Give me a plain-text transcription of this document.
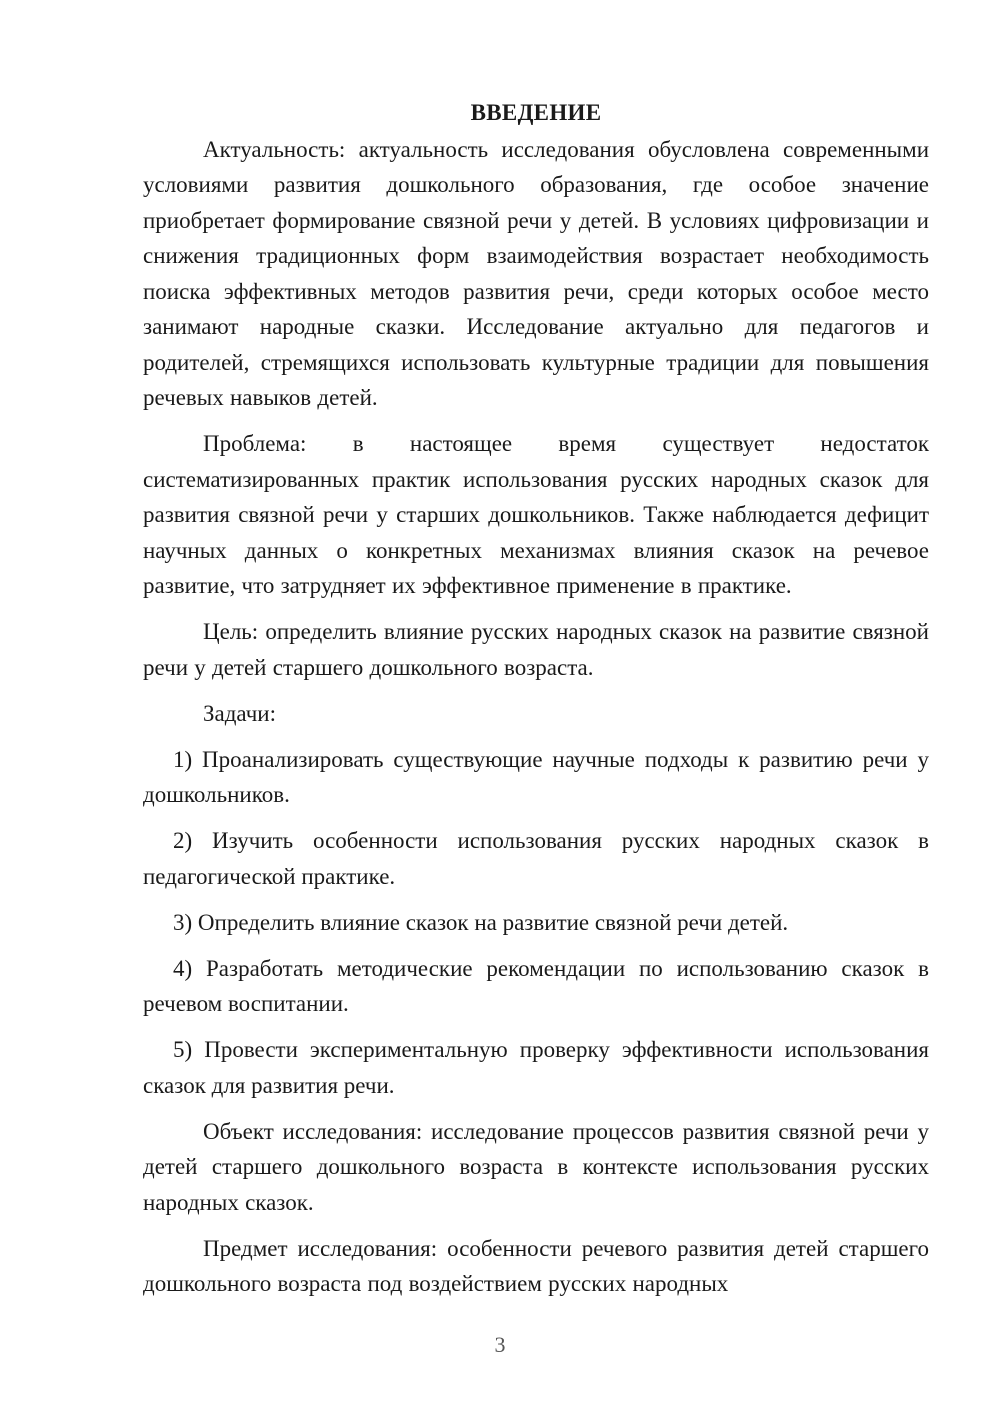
ВВЕДЕНИЕ

Актуальность: актуальность исследования обусловлена современными условиями развития дошкольного образования, где особое значение приобретает формирование связной речи у детей. В условиях цифровизации и снижения традиционных форм взаимодействия возрастает необходимость поиска эффективных методов развития речи, среди которых особое место занимают народные сказки. Исследование актуально для педагогов и родителей, стремящихся использовать культурные традиции для повышения речевых навыков детей.

Проблема: в настоящее время существует недостаток систематизированных практик использования русских народных сказок для развития связной речи у старших дошкольников. Также наблюдается дефицит научных данных о конкретных механизмах влияния сказок на речевое развитие, что затрудняет их эффективное применение в практике.

Цель: определить влияние русских народных сказок на развитие связной речи у детей старшего дошкольного возраста.

Задачи:

1) Проанализировать существующие научные подходы к развитию речи у дошкольников.

2) Изучить особенности использования русских народных сказок в педагогической практике.

3) Определить влияние сказок на развитие связной речи детей.

4) Разработать методические рекомендации по использованию сказок в речевом воспитании.

5) Провести экспериментальную проверку эффективности использования сказок для развития речи.

Объект исследования: исследование процессов развития связной речи у детей старшего дошкольного возраста в контексте использования русских народных сказок.

Предмет исследования: особенности речевого развития детей старшего дошкольного возраста под воздействием русских народных

3
